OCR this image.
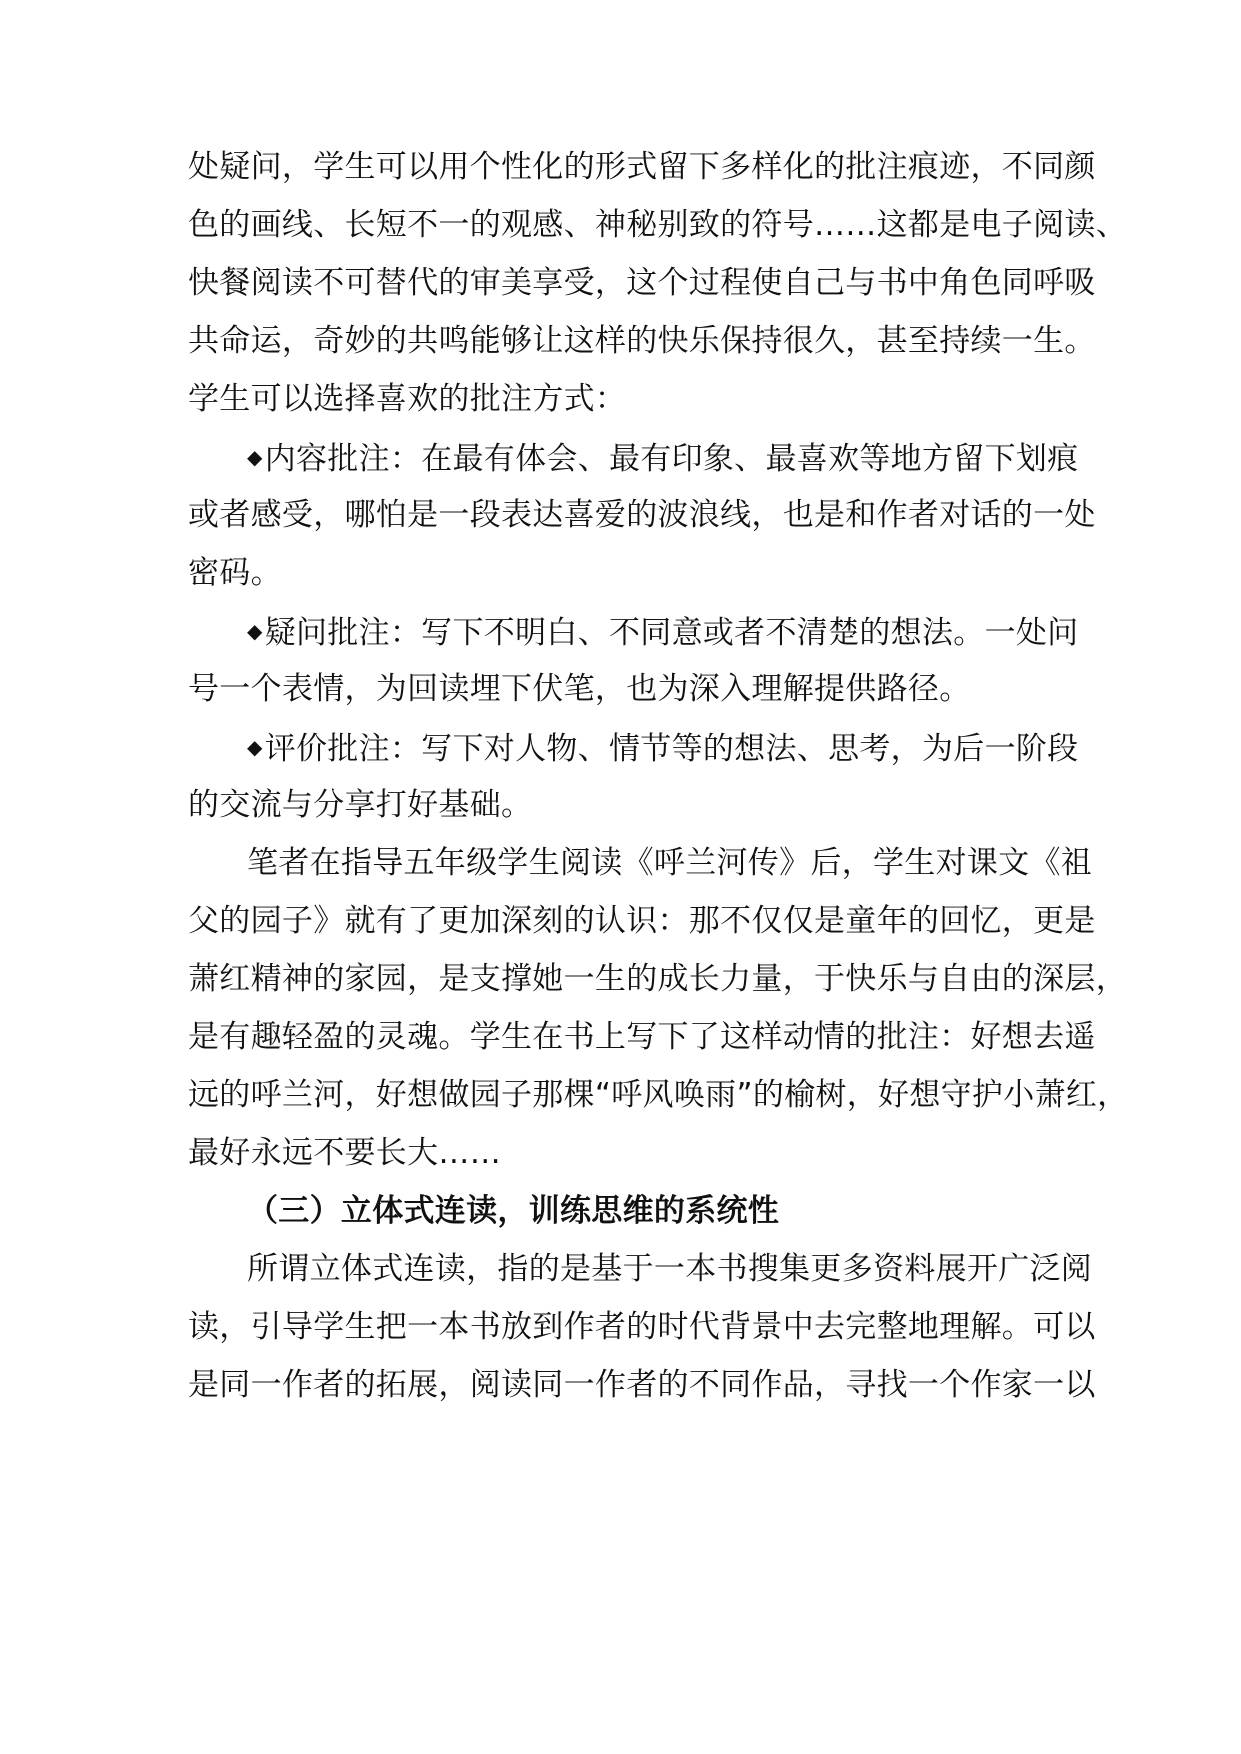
处疑问，学生可以用个性化的形式留下多样化的批注痕迹，不同颜
色的画线、长短不一的观感、神秘别致的符号……这都是电子阅读、
快餐阅读不可替代的审美享受，这个过程使自己与书中角色同呼吸
共命运，奇妙的共鸣能够让这样的快乐保持很久，甚至持续一生。
学生可以选择喜欢的批注方式：
◆内容批注：在最有体会、最有印象、最喜欢等地方留下划痕
或者感受，哪怕是一段表达喜爱的波浪线，也是和作者对话的一处
密码。
◆疑问批注：写下不明白、不同意或者不清楚的想法。一处问
号一个表情，为回读埋下伏笔，也为深入理解提供路径。
◆评价批注：写下对人物、情节等的想法、思考，为后一阶段
的交流与分享打好基础。
笔者在指导五年级学生阅读《呼兰河传》后，学生对课文《祖
父的园子》就有了更加深刻的认识：那不仅仅是童年的回忆，更是
萧红精神的家园，是支撑她一生的成长力量，于快乐与自由的深层，
是有趣轻盈的灵魂。学生在书上写下了这样动情的批注：好想去遥
远的呼兰河，好想做园子那棵“呼风唤雨”的榆树，好想守护小萧红，
最好永远不要长大……
（三）立体式连读，训练思维的系统性
所谓立体式连读，指的是基于一本书搜集更多资料展开广泛阅
读，引导学生把一本书放到作者的时代背景中去完整地理解。可以
是同一作者的拓展，阅读同一作者的不同作品，寻找一个作家一以
